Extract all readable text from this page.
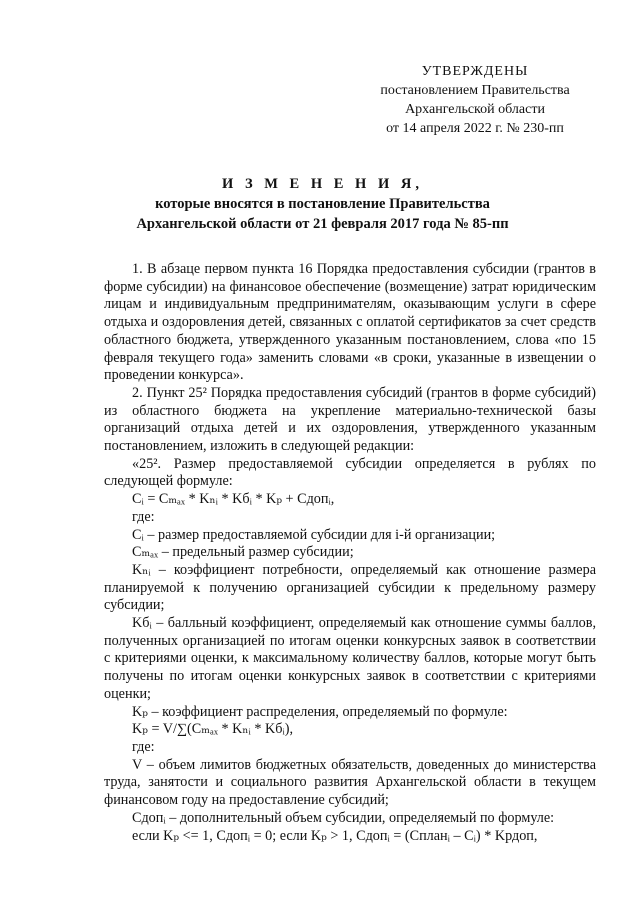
УТВЕРЖДЕНЫ
постановлением Правительства
Архангельской области
от 14 апреля 2022 г. № 230-пп
И З М Е Н Е Н И Я,
которые вносятся в постановление Правительства
Архангельской области от 21 февраля 2017 года № 85-пп

1. В абзаце первом пункта 16 Порядка предоставления субсидии (грантов в форме субсидии) на финансовое обеспечение (возмещение) затрат юридическим лицам и индивидуальным предпринимателям, оказывающим услуги в сфере отдыха и оздоровления детей, связанных с оплатой сертификатов за счет средств областного бюджета, утвержденного указанным постановлением, слова «по 15 февраля текущего года» заменить словами «в сроки, указанные в извещении о проведении конкурса».

2. Пункт 25² Порядка предоставления субсидий (грантов в форме субсидий) из областного бюджета на укрепление материально-технической базы организаций отдыха детей и их оздоровления, утвержденного указанным постановлением, изложить в следующей редакции:

«25². Размер предоставляемой субсидии определяется в рублях по следующей формуле:

Cᵢ = Cₘₐₓ * Kₙᵢ * Kбᵢ * Kₚ + Cдопᵢ,

где:

Cᵢ – размер предоставляемой субсидии для i-й организации;

Cₘₐₓ – предельный размер субсидии;

Kₙᵢ – коэффициент потребности, определяемый как отношение размера планируемой к получению организацией субсидии к предельному размеру субсидии;

Kбᵢ – балльный коэффициент, определяемый как отношение суммы баллов, полученных организацией по итогам оценки конкурсных заявок в соответствии с критериями оценки, к максимальному количеству баллов, которые могут быть получены по итогам оценки конкурсных заявок в соответствии с критериями оценки;

Kₚ – коэффициент распределения, определяемый по формуле:

Kₚ = V/∑(Cₘₐₓ * Kₙᵢ * Kбᵢ),

где:

V – объем лимитов бюджетных обязательств, доведенных до министерства труда, занятости и социального развития Архангельской области в текущем финансовом году на предоставление субсидий;

Cдопᵢ – дополнительный объем субсидии, определяемый по формуле:

если Kₚ <= 1, Cдопᵢ = 0; если Kₚ > 1, Cдопᵢ = (Cпланᵢ – Cᵢ) * Kрдоп,
